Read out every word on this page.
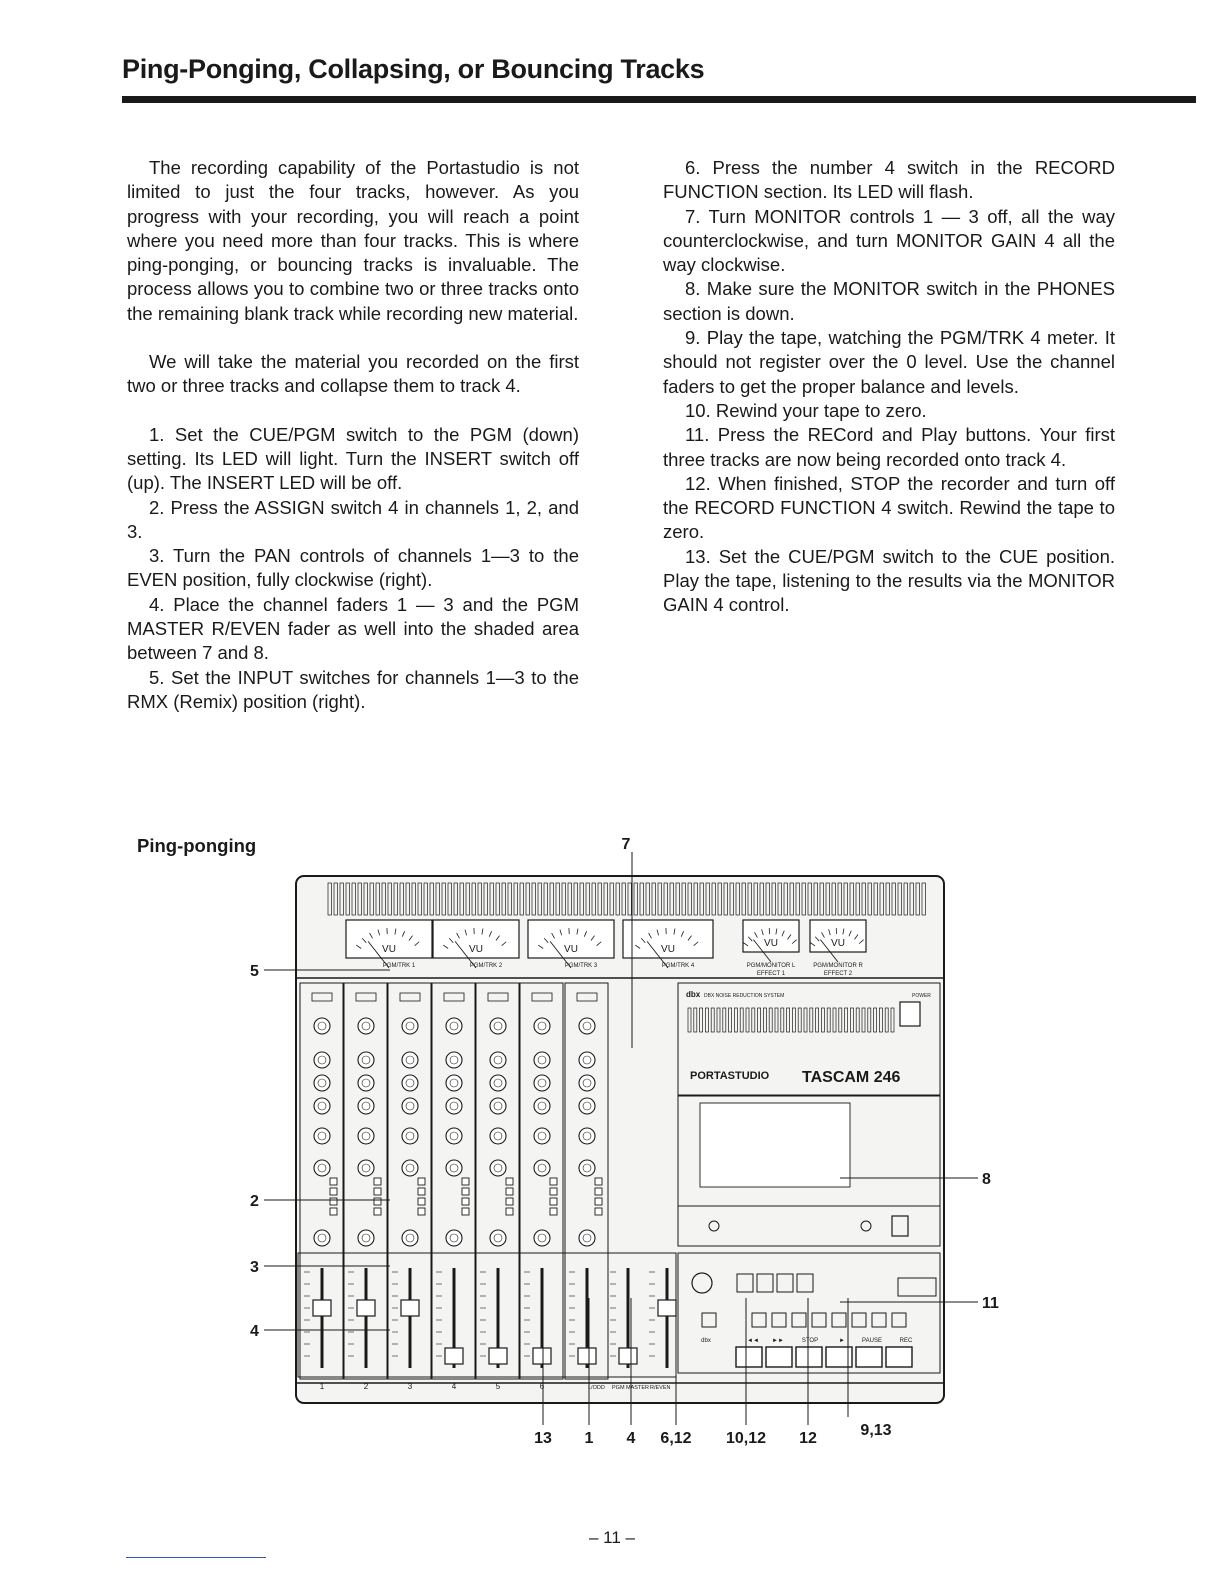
Ping-Ponging, Collapsing, or Bouncing Tracks

The recording capability of the Portastudio is not limited to just the four tracks, however. As you progress with your recording, you will reach a point where you need more than four tracks. This is where ping-ponging, or bouncing tracks is invaluable. The process allows you to combine two or three tracks onto the remaining blank track while recording new material.

We will take the material you recorded on the first two or three tracks and collapse them to track 4.

1. Set the CUE/PGM switch to the PGM (down) setting. Its LED will light. Turn the INSERT switch off (up). The INSERT LED will be off.

2. Press the ASSIGN switch 4 in channels 1, 2, and 3.

3. Turn the PAN controls of channels 1—3 to the EVEN position, fully clockwise (right).

4. Place the channel faders 1 — 3 and the PGM MASTER R/EVEN fader as well into the shaded area between 7 and 8.

5. Set the INPUT switches for channels 1—3 to the RMX (Remix) position (right).

6. Press the number 4 switch in the RECORD FUNCTION section. Its LED will flash.

7. Turn MONITOR controls 1 — 3 off, all the way counterclockwise, and turn MONITOR GAIN 4 all the way clockwise.

8. Make sure the MONITOR switch in the PHONES section is down.

9. Play the tape, watching the PGM/TRK 4 meter. It should not register over the 0 level. Use the channel faders to get the proper balance and levels.

10. Rewind your tape to zero.

11. Press the RECord and Play buttons. Your first three tracks are now being recorded onto track 4.

12. When finished, STOP the recorder and turn off the RECORD FUNCTION 4 switch. Rewind the tape to zero.

13. Set the CUE/PGM switch to the CUE position. Play the tape, listening to the results via the MONITOR GAIN 4 control.

Ping-ponging

VU
PGM/TRK 1
VU
PGM/TRK 2
VU
PGM/TRK 3
VU
PGM/TRK 4
VU
PGM/MONITOR L
VU
PGM/MONITOR R
EFFECT 1	EFFECT 2
dbx DBX NOISE REDUCTION SYSTEM	POWER
PORTASTUDIO TASCAM 246
dbx	◄◄ ►►	STOP	►	PAUSE	REC
1	2	3	4	5	6	L/ODD PGM MASTER R/EVEN
5
2
3
4
7
8
11
13 1 4 6,12 10,12 12	9,13
– 11 –
